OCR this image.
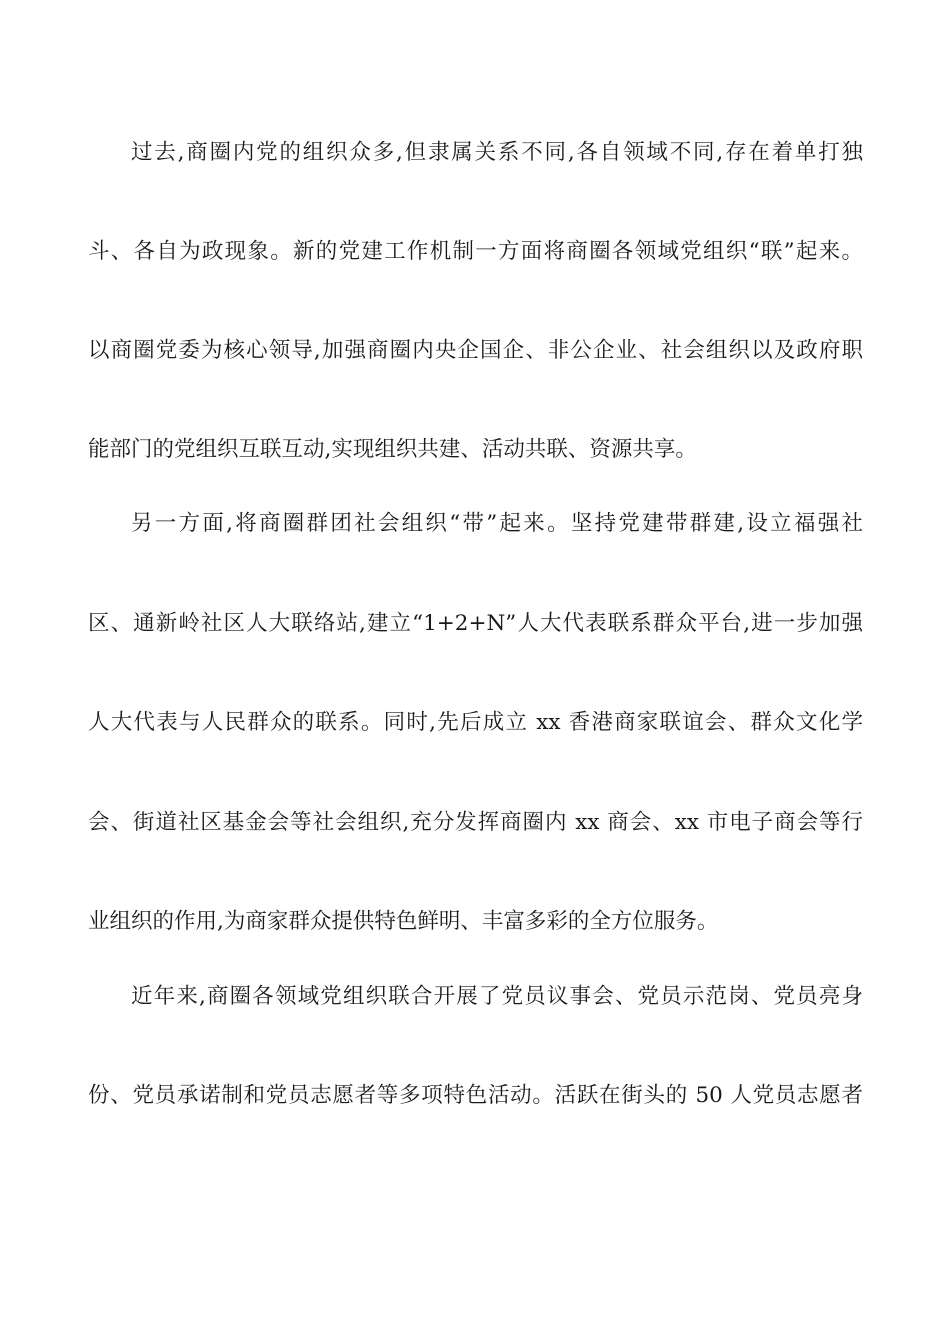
过去,商圈内党的组织众多,但隶属关系不同,各自领域不同,存在着单打独
斗、各自为政现象。新的党建工作机制一方面将商圈各领域党组织“联”起来。
以商圈党委为核心领导,加强商圈内央企国企、非公企业、社会组织以及政府职
能部门的党组织互联互动,实现组织共建、活动共联、资源共享。
另一方面,将商圈群团社会组织“带”起来。坚持党建带群建,设立福强社
区、通新岭社区人大联络站,建立“1+2+N”人大代表联系群众平台,进一步加强
人大代表与人民群众的联系。同时,先后成立 xx 香港商家联谊会、群众文化学
会、街道社区基金会等社会组织,充分发挥商圈内 xx 商会、xx 市电子商会等行
业组织的作用,为商家群众提供特色鲜明、丰富多彩的全方位服务。
近年来,商圈各领域党组织联合开展了党员议事会、党员示范岗、党员亮身
份、党员承诺制和党员志愿者等多项特色活动。活跃在街头的 50 人党员志愿者
